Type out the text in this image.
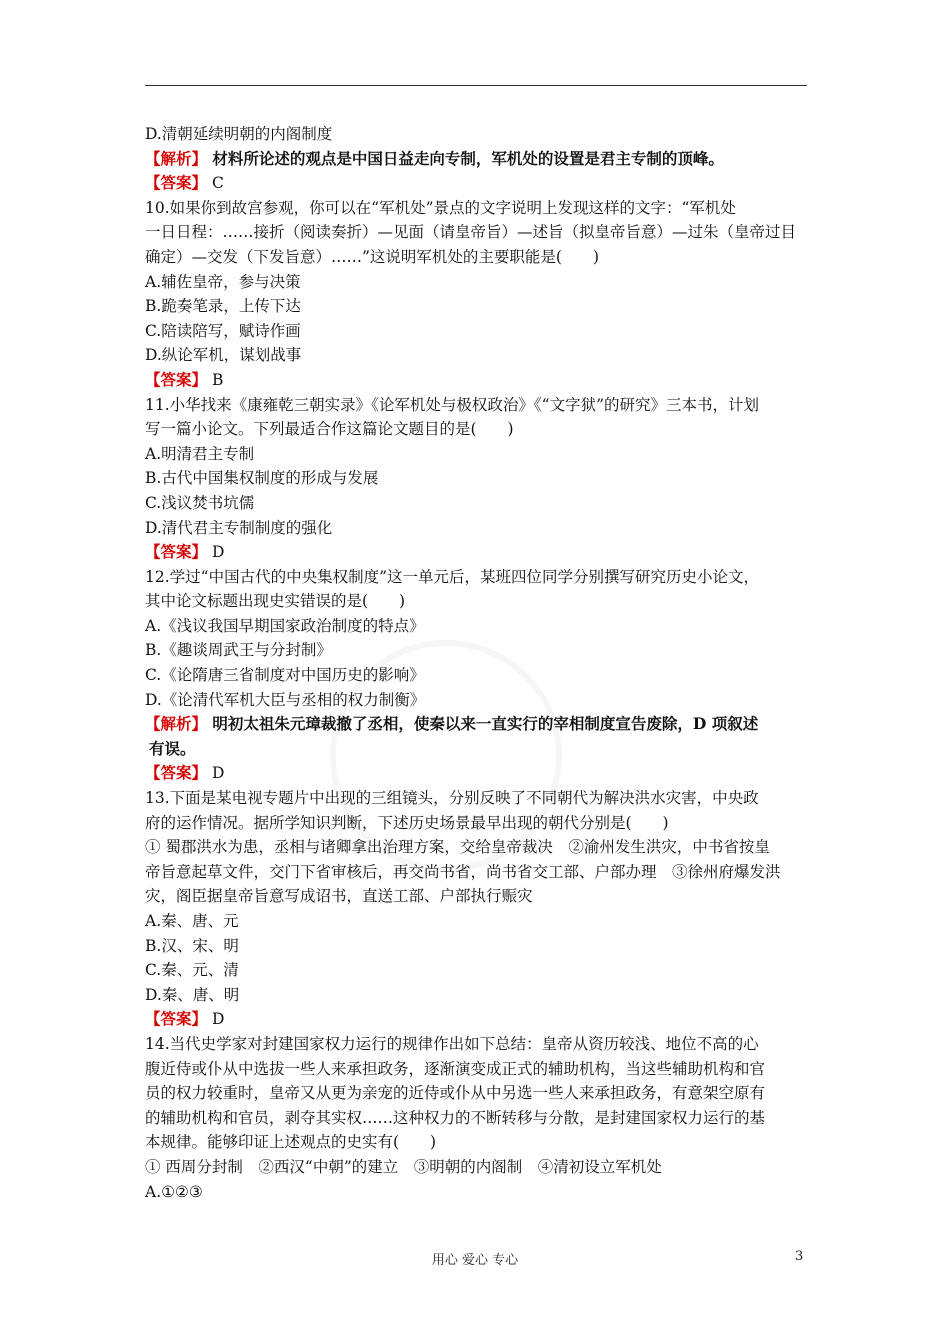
D.清朝延续明朝的内阁制度
【解析】 材料所论述的观点是中国日益走向专制，军机处的设置是君主专制的顶峰。
【答案】 C
10.如果你到故宫参观，你可以在“军机处”景点的文字说明上发现这样的文字：“军机处
一日日程：……接折（阅读奏折）—见面（请皇帝旨）—述旨（拟皇帝旨意）—过朱（皇帝过目
确定）—交发（下发旨意）……”这说明军机处的主要职能是(　　)
A.辅佐皇帝，参与决策
B.跪奏笔录，上传下达
C.陪读陪写，赋诗作画
D.纵论军机，谋划战事
【答案】 B
11.小华找来《康雍乾三朝实录》《论军机处与极权政治》《“文字狱”的研究》三本书，计划
写一篇小论文。下列最适合作这篇论文题目的是(　　)
A.明清君主专制
B.古代中国集权制度的形成与发展
C.浅议焚书坑儒
D.清代君主专制制度的强化
【答案】 D
12.学过“中国古代的中央集权制度”这一单元后，某班四位同学分别撰写研究历史小论文，
其中论文标题出现史实错误的是(　　)
A.《浅议我国早期国家政治制度的特点》
B.《趣谈周武王与分封制》
C.《论隋唐三省制度对中国历史的影响》
D.《论清代军机大臣与丞相的权力制衡》
【解析】 明初太祖朱元璋裁撤了丞相，使秦以来一直实行的宰相制度宣告废除，D 项叙述
有误。
【答案】 D
13.下面是某电视专题片中出现的三组镜头，分别反映了不同朝代为解决洪水灾害，中央政
府的运作情况。据所学知识判断，下述历史场景最早出现的朝代分别是(　　)
① 蜀郡洪水为患，丞相与诸卿拿出治理方案，交给皇帝裁决　②渝州发生洪灾，中书省按皇
帝旨意起草文件，交门下省审核后，再交尚书省，尚书省交工部、户部办理　③徐州府爆发洪
灾，阁臣据皇帝旨意写成诏书，直送工部、户部执行赈灾
A.秦、唐、元
B.汉、宋、明
C.秦、元、清
D.秦、唐、明
【答案】 D
14.当代史学家对封建国家权力运行的规律作出如下总结：皇帝从资历较浅、地位不高的心
腹近侍或仆从中选拔一些人来承担政务，逐渐演变成正式的辅助机构，当这些辅助机构和官
员的权力较重时，皇帝又从更为亲宠的近侍或仆从中另选一些人来承担政务，有意架空原有
的辅助机构和官员，剥夺其实权……这种权力的不断转移与分散，是封建国家权力运行的基
本规律。能够印证上述观点的史实有(　　)
① 西周分封制　②西汉“中朝”的建立　③明朝的内阁制　④清初设立军机处
A.①②③
用心 爱心 专心	3
